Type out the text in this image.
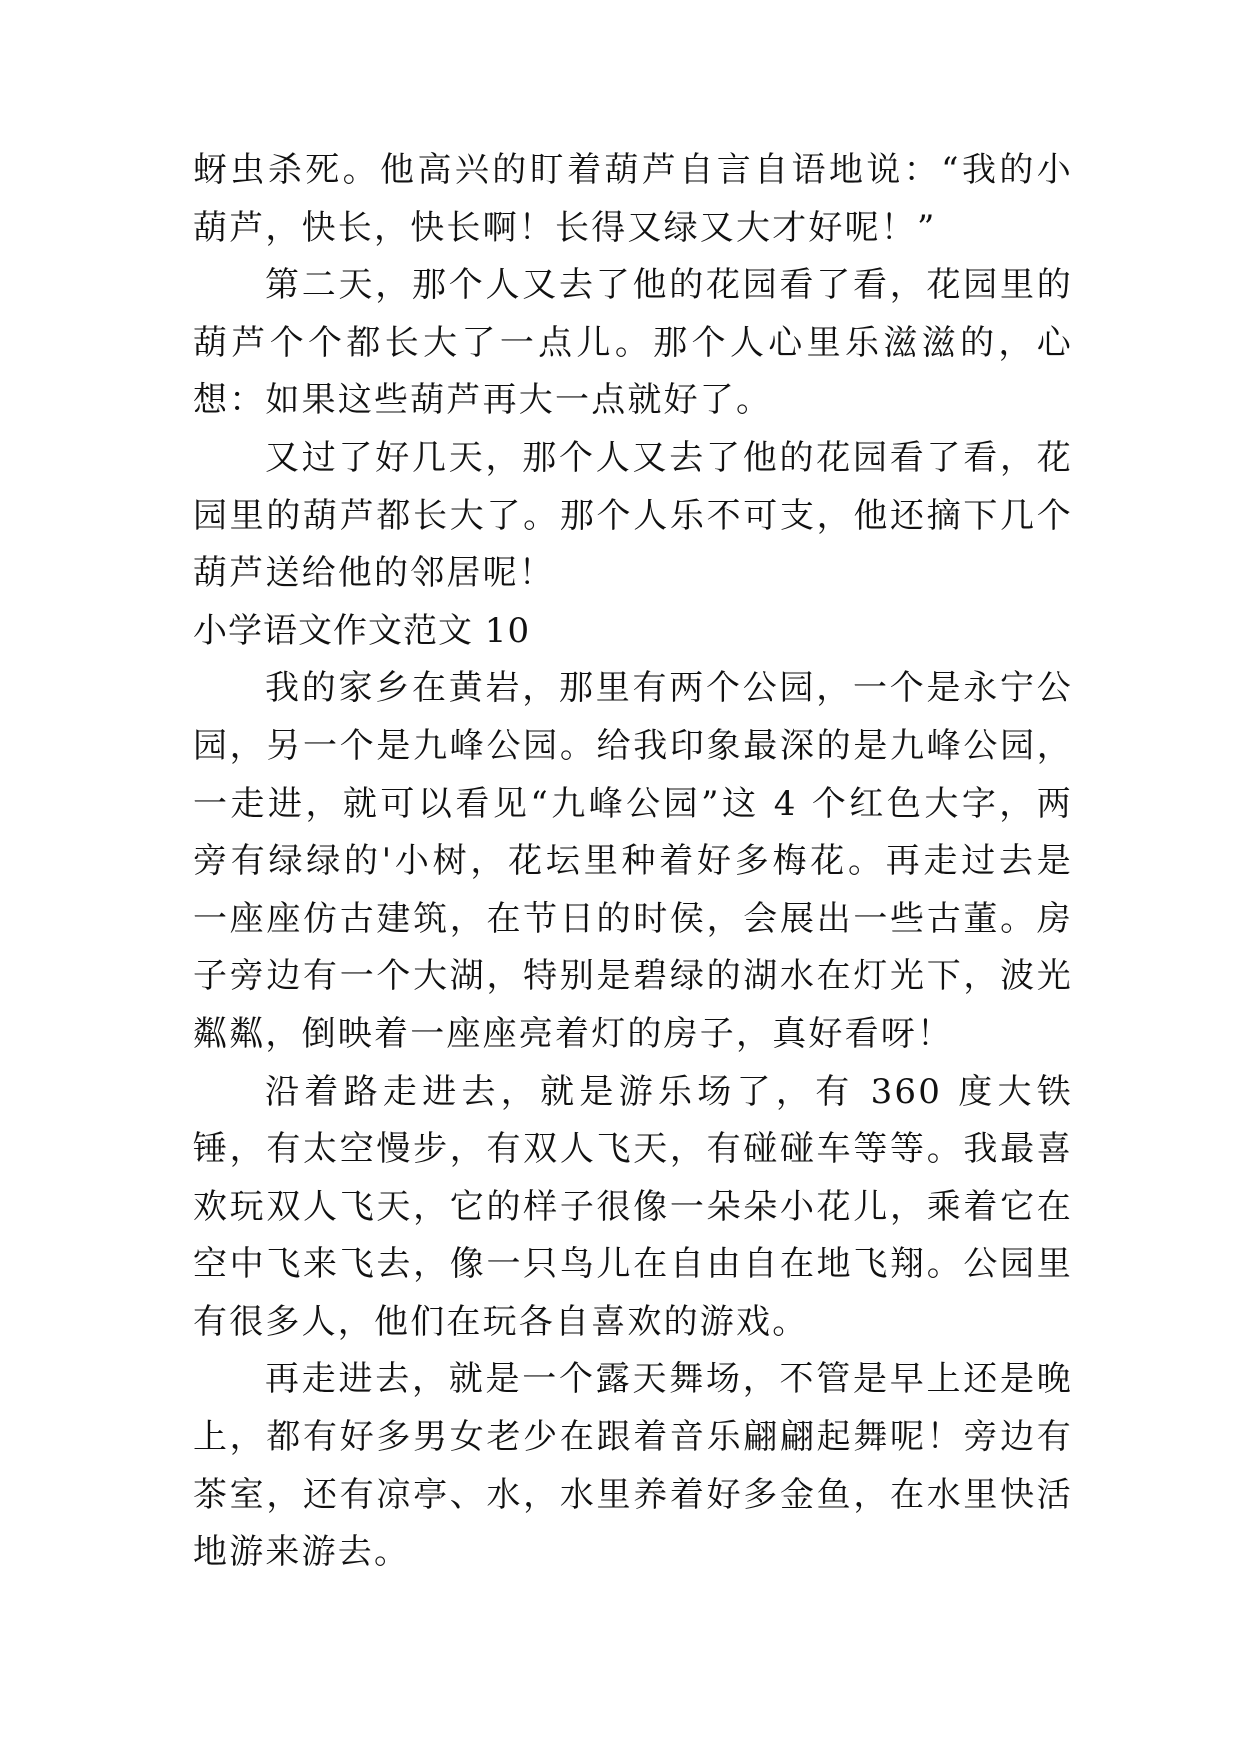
蚜虫杀死。他高兴的盯着葫芦自言自语地说：“我的小葫芦，快长，快长啊！长得又绿又大才好呢！”

第二天，那个人又去了他的花园看了看，花园里的葫芦个个都长大了一点儿。那个人心里乐滋滋的，心想：如果这些葫芦再大一点就好了。

又过了好几天，那个人又去了他的花园看了看，花园里的葫芦都长大了。那个人乐不可支，他还摘下几个葫芦送给他的邻居呢！

小学语文作文范文 10

我的家乡在黄岩，那里有两个公园，一个是永宁公园，另一个是九峰公园。给我印象最深的是九峰公园，一走进，就可以看见“九峰公园”这 4 个红色大字，两旁有绿绿的'小树，花坛里种着好多梅花。再走过去是一座座仿古建筑，在节日的时侯，会展出一些古董。房子旁边有一个大湖，特别是碧绿的湖水在灯光下，波光粼粼，倒映着一座座亮着灯的房子，真好看呀！

沿着路走进去，就是游乐场了，有 360 度大铁锤，有太空慢步，有双人飞天，有碰碰车等等。我最喜欢玩双人飞天，它的样子很像一朵朵小花儿，乘着它在空中飞来飞去，像一只鸟儿在自由自在地飞翔。公园里有很多人，他们在玩各自喜欢的游戏。

再走进去，就是一个露天舞场，不管是早上还是晚上，都有好多男女老少在跟着音乐翩翩起舞呢！旁边有茶室，还有凉亭、水，水里养着好多金鱼，在水里快活地游来游去。
